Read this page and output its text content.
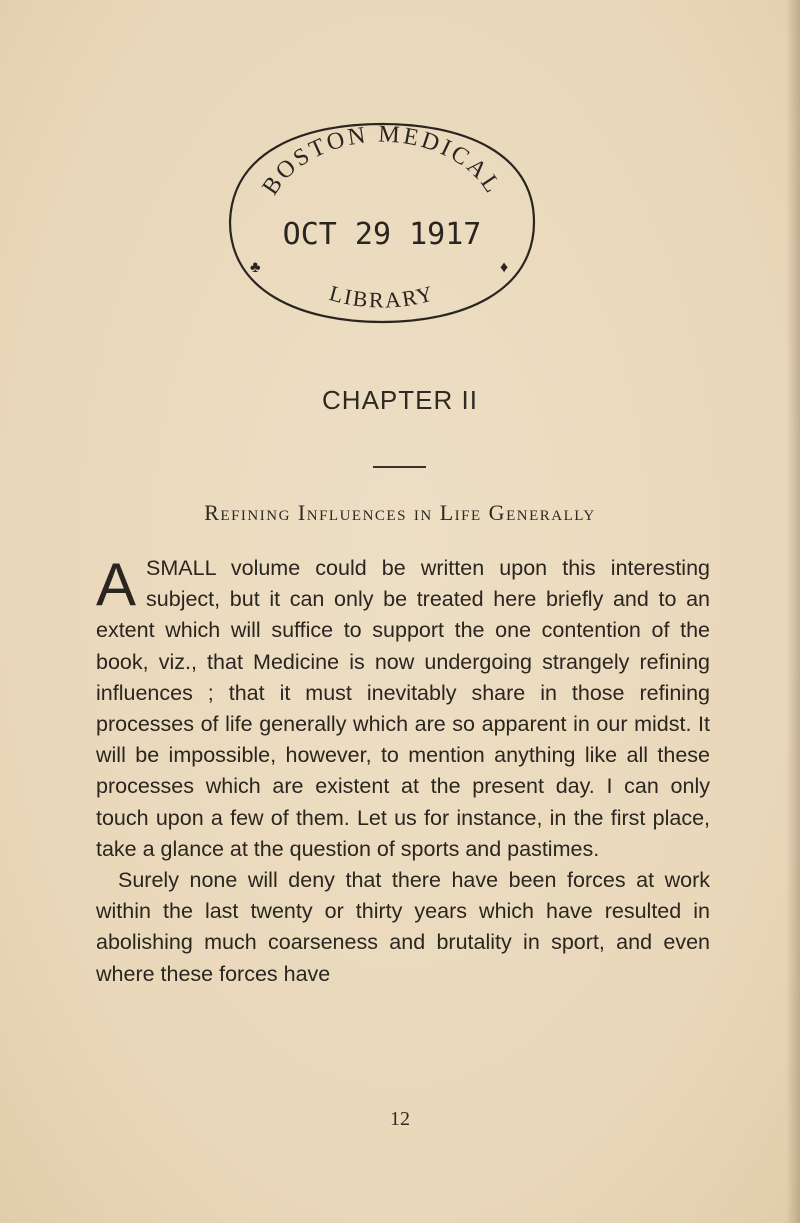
BOSTON MEDICAL
OCT 29 1917
LIBRARY
♣	♦
CHAPTER II
Refining Influences in Life Generally

ASMALL volume could be written upon this interesting subject, but it can only be treated here briefly and to an extent which will suffice to support the one contention of the book, viz., that Medicine is now undergoing strangely refining influences ; that it must inevitably share in those refining processes of life generally which are so apparent in our midst. It will be impossible, however, to mention anything like all these processes which are existent at the present day. I can only touch upon a few of them. Let us for instance, in the first place, take a glance at the question of sports and pastimes.

Surely none will deny that there have been forces at work within the last twenty or thirty years which have resulted in abolishing much coarseness and brutality in sport, and even where these forces have

12
